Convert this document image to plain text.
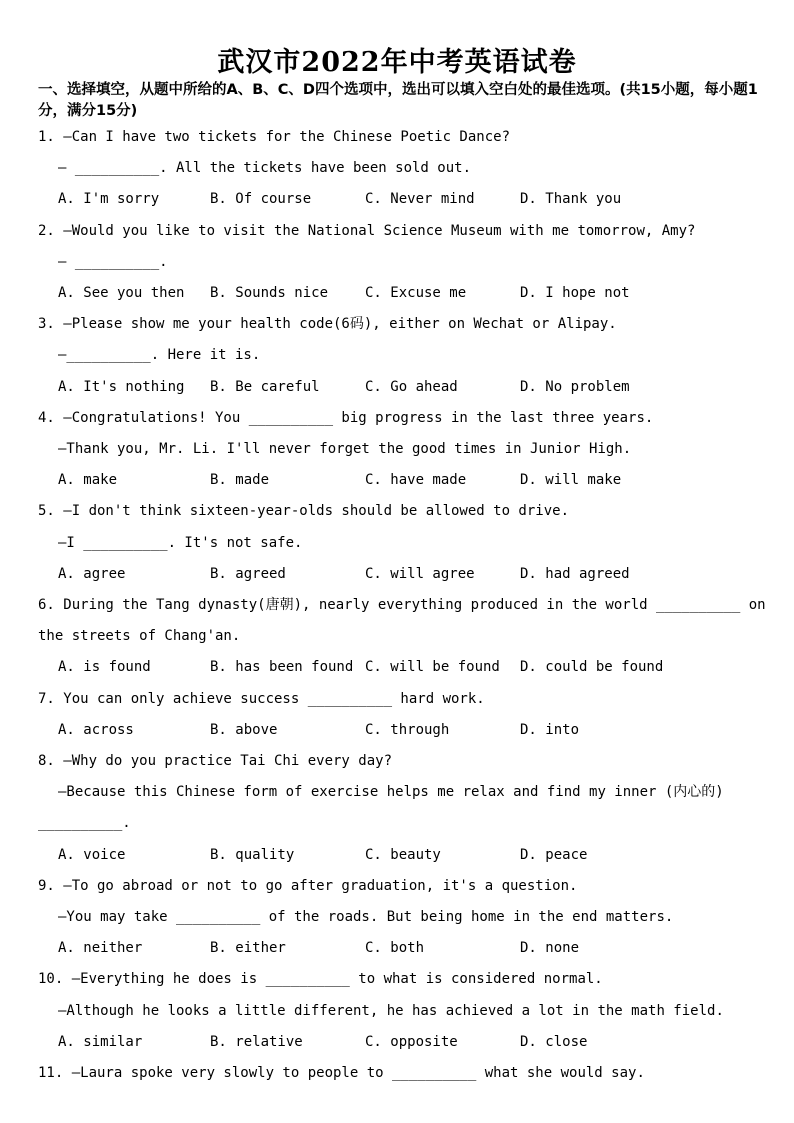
武汉市2022年中考英语试卷
一、选择填空，从题中所给的A、B、C、D四个选项中，选出可以填入空白处的最佳选项。(共15小题，每小题1分，满分15分)
1. —Can I have two tickets for the Chinese Poetic Dance?
— __________. All the tickets have been sold out.
A. I'm sorry	B. Of course	C. Never mind	D. Thank you
2. —Would you like to visit the National Science Museum with me tomorrow, Amy?
— __________.
A. See you then B. Sounds nice	C. Excuse me	D. I hope not
3. —Please show me your health code(6码), either on Wechat or Alipay.
—__________. Here it is.
A. It's nothing B. Be careful	C. Go ahead	D. No problem
4. —Congratulations! You __________ big progress in the last three years.
—Thank you, Mr. Li. I'll never forget the good times in Junior High.
A. make	B. made	C. have made	D. will make
5. —I don't think sixteen-year-olds should be allowed to drive.
—I __________. It's not safe.
A. agree	B. agreed	C. will agree	D. had agreed
6. During the Tang dynasty(唐朝), nearly everything produced in the world __________ on
the streets of Chang'an.
A. is found	B. has been found C. will be found D. could be found
7. You can only achieve success __________ hard work.
A. across	B. above	C. through	D. into
8. —Why do you practice Tai Chi every day?
—Because this Chinese form of exercise helps me relax and find my inner (内心的)
__________.
A. voice	B. quality	C. beauty	D. peace
9. —To go abroad or not to go after graduation, it's a question.
—You may take __________ of the roads. But being home in the end matters.
A. neither	B. either	C. both	D. none
10. —Everything he does is __________ to what is considered normal.
—Although he looks a little different, he has achieved a lot in the math field.
A. similar	B. relative	C. opposite	D. close
11. —Laura spoke very slowly to people to __________ what she would say.
